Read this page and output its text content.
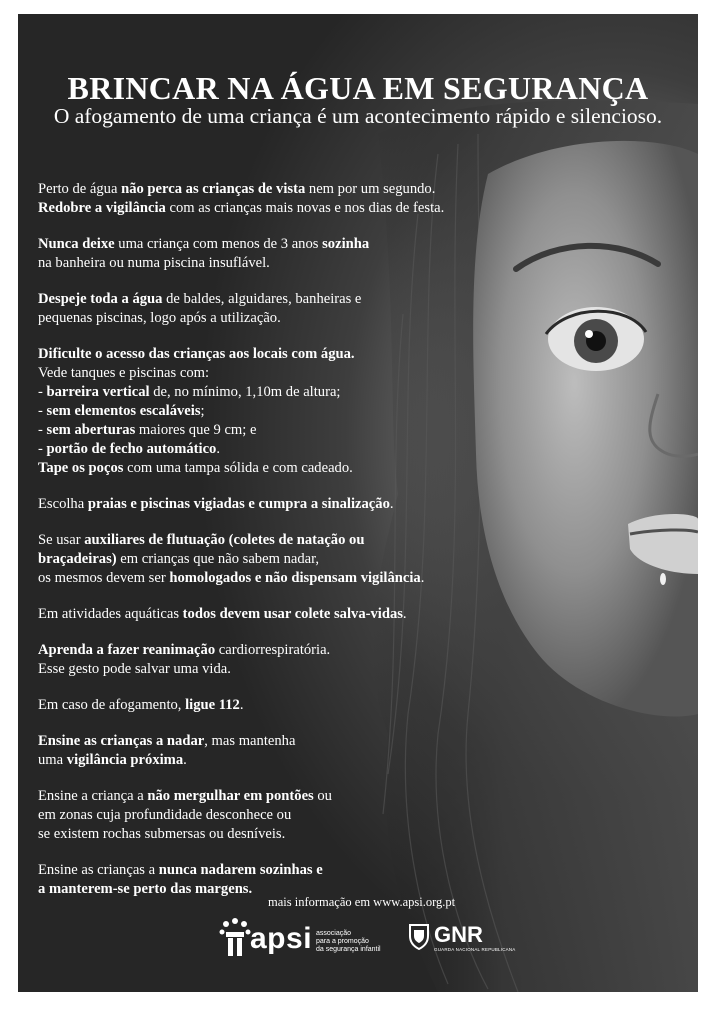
BRINCAR NA ÁGUA EM SEGURANÇA
O afogamento de uma criança é um acontecimento rápido e silencioso.
Perto de água não perca as crianças de vista nem por um segundo.
Redobre a vigilância com as crianças mais novas e nos dias de festa.
Nunca deixe uma criança com menos de 3 anos sozinha
na banheira ou numa piscina insuflável.
Despeje toda a água de baldes, alguidares, banheiras e
pequenas piscinas, logo após a utilização.
Dificulte o acesso das crianças aos locais com água.
Vede tanques e piscinas com:
- barreira vertical de, no mínimo, 1,10m de altura;
- sem elementos escaláveis;
- sem aberturas maiores que 9 cm; e
- portão de fecho automático.
Tape os poços com uma tampa sólida e com cadeado.
Escolha praias e piscinas vigiadas e cumpra a sinalização.
Se usar auxiliares de flutuação (coletes de natação ou
braçadeiras) em crianças que não sabem nadar,
os mesmos devem ser homologados e não dispensam vigilância.
Em atividades aquáticas todos devem usar colete salva-vidas.
Aprenda a fazer reanimação cardiorrespiratória.
Esse gesto pode salvar uma vida.
Em caso de afogamento, ligue 112.
Ensine as crianças a nadar, mas mantenha
uma vigilância próxima.
Ensine a criança a não mergulhar em pontões ou
em zonas cuja profundidade desconhece ou
se existem rochas submersas ou desníveis.
Ensine as crianças a nunca nadarem sozinhas e
a manterem-se perto das margens.
mais informação em www.apsi.org.pt
apsi associação
para a promoção
da segurança infantil
GNR
GUARDA NACIONAL REPUBLICANA
